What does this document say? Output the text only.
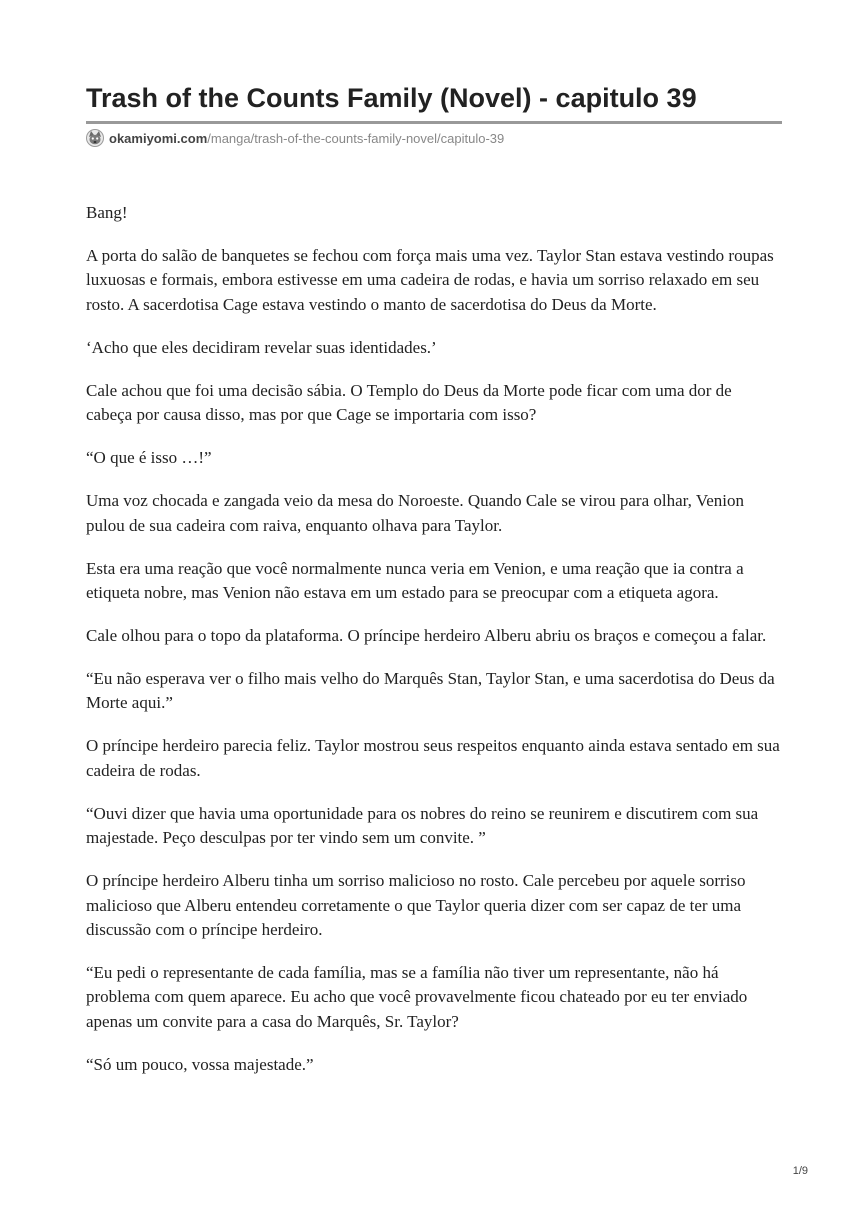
Trash of the Counts Family (Novel) - capitulo 39
okamiyomi.com /manga/trash-of-the-counts-family-novel/capitulo-39

Bang!

A porta do salão de banquetes se fechou com força mais uma vez. Taylor Stan estava vestindo roupas luxuosas e formais, embora estivesse em uma cadeira de rodas, e havia um sorriso relaxado em seu rosto. A sacerdotisa Cage estava vestindo o manto de sacerdotisa do Deus da Morte.

‘Acho que eles decidiram revelar suas identidades.’

Cale achou que foi uma decisão sábia. O Templo do Deus da Morte pode ficar com uma dor de cabeça por causa disso, mas por que Cage se importaria com isso?

“O que é isso …!”

Uma voz chocada e zangada veio da mesa do Noroeste. Quando Cale se virou para olhar, Venion pulou de sua cadeira com raiva, enquanto olhava para Taylor.

Esta era uma reação que você normalmente nunca veria em Venion, e uma reação que ia contra a etiqueta nobre, mas Venion não estava em um estado para se preocupar com a etiqueta agora.

Cale olhou para o topo da plataforma. O príncipe herdeiro Alberu abriu os braços e começou a falar.

“Eu não esperava ver o filho mais velho do Marquês Stan, Taylor Stan, e uma sacerdotisa do Deus da Morte aqui.”

O príncipe herdeiro parecia feliz. Taylor mostrou seus respeitos enquanto ainda estava sentado em sua cadeira de rodas.

“Ouvi dizer que havia uma oportunidade para os nobres do reino se reunirem e discutirem com sua majestade. Peço desculpas por ter vindo sem um convite. ”

O príncipe herdeiro Alberu tinha um sorriso malicioso no rosto. Cale percebeu por aquele sorriso malicioso que Alberu entendeu corretamente o que Taylor queria dizer com ser capaz de ter uma discussão com o príncipe herdeiro.

“Eu pedi o representante de cada família, mas se a família não tiver um representante, não há problema com quem aparece. Eu acho que você provavelmente ficou chateado por eu ter enviado apenas um convite para a casa do Marquês, Sr. Taylor?

“Só um pouco, vossa majestade.”

1/9
